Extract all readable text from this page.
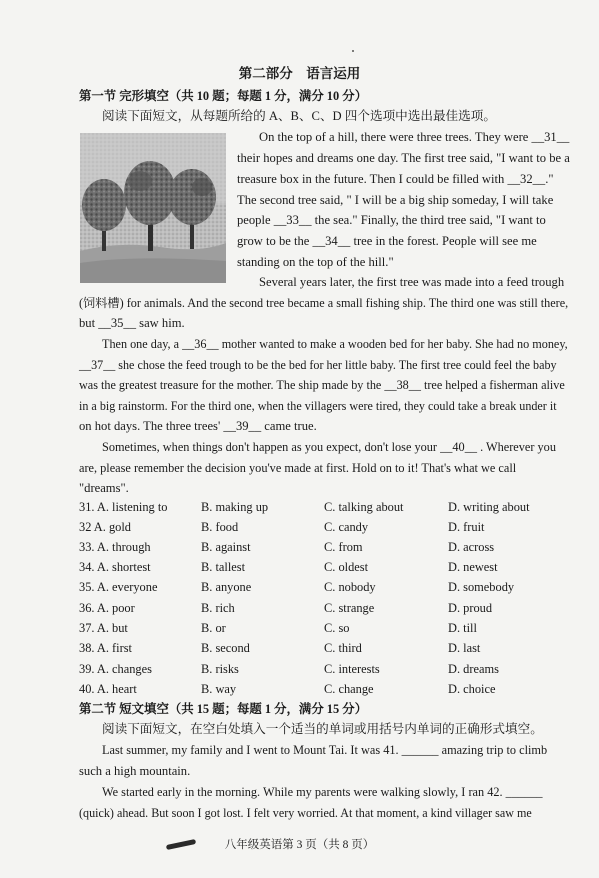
第二部分　语言运用
第一节 完形填空（共 10 题；每题 1 分，满分 10 分）
阅读下面短文，从每题所给的 A、B、C、D 四个选项中选出最佳选项。
On the top of a hill, there were three trees. They were __31__
their hopes and dreams one day. The first tree said, "I want to be a
treasure box in the future. Then I could be filled with __32__."
The second tree said, " I will be a big ship someday, I will take
people __33__ the sea." Finally, the third tree said, "I want to
grow to be the __34__ tree in the forest. People will see me
standing on the top of the hill."
Several years later, the first tree was made into a feed trough
(饲料槽) for animals. And the second tree became a small fishing ship. The third one was still there,
but __35__ saw him.
Then one day, a __36__ mother wanted to make a wooden bed for her baby. She had no money,
__37__ she chose the feed trough to be the bed for her little baby. The first tree could feel the baby
was the greatest treasure for the mother. The ship made by the __38__ tree helped a fisherman alive
in a big rainstorm. For the third one, when the villagers were tired, they could take a break under it
on hot days. The three trees' __39__ came true.
Sometimes, when things don't happen as you expect, don't lose your __40__ . Wherever you
are, please remember the decision you've made at first. Hold on to it! That's what we call
"dreams".
31. A. listening to	B. making up	C. talking about	D. writing about
32 A. gold	B. food	C. candy	D. fruit
33. A. through	B. against	C. from	D. across
34. A. shortest	B. tallest	C. oldest	D. newest
35. A. everyone	B. anyone	C. nobody	D. somebody
36. A. poor	B. rich	C. strange	D. proud
37. A. but	B. or	C. so	D. till
38. A. first	B. second	C. third	D. last
39. A. changes	B. risks	C. interests	D. dreams
40. A. heart	B. way	C. change	D. choice
第二节 短文填空（共 15 题；每题 1 分，满分 15 分）
阅读下面短文，在空白处填入一个适当的单词或用括号内单词的正确形式填空。
Last summer, my family and I went to Mount Tai. It was 41. ______ amazing trip to climb
such a high mountain.
We started early in the morning. While my parents were walking slowly, I ran 42. ______
(quick) ahead. But soon I got lost. I felt very worried. At that moment, a kind villager saw me
八年级英语第 3 页（共 8 页）
